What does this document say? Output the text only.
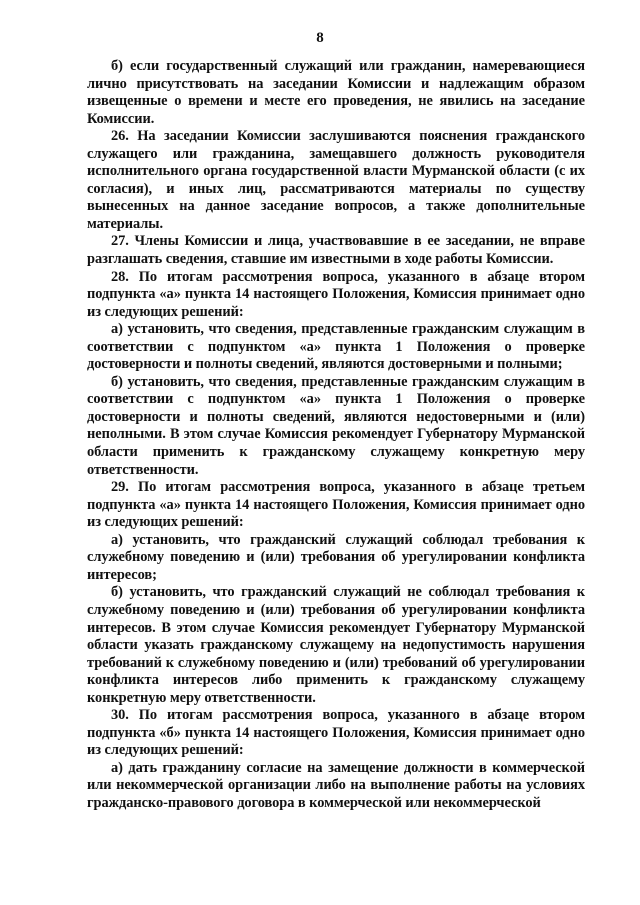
8

б) если государственный служащий или гражданин, намеревающиеся лично присутствовать на заседании Комиссии и надлежащим образом извещенные о времени и месте его проведения, не явились на заседание Комиссии.

26. На заседании Комиссии заслушиваются пояснения гражданского служащего или гражданина, замещавшего должность руководителя исполнительного органа государственной власти Мурманской области (с их согласия), и иных лиц, рассматриваются материалы по существу вынесенных на данное заседание вопросов, а также дополнительные материалы.

27. Члены Комиссии и лица, участвовавшие в ее заседании, не вправе разглашать сведения, ставшие им известными в ходе работы Комиссии.

28. По итогам рассмотрения вопроса, указанного в абзаце втором подпункта «а» пункта 14 настоящего Положения, Комиссия принимает одно из следующих решений:

а) установить, что сведения, представленные гражданским служащим в соответствии с подпунктом «а» пункта 1 Положения о проверке достоверности и полноты сведений, являются достоверными и полными;

б) установить, что сведения, представленные гражданским служащим в соответствии с подпунктом «а» пункта 1 Положения о проверке достоверности и полноты сведений, являются недостоверными и (или) неполными. В этом случае Комиссия рекомендует Губернатору Мурманской области применить к гражданскому служащему конкретную меру ответственности.

29. По итогам рассмотрения вопроса, указанного в абзаце третьем подпункта «а» пункта 14 настоящего Положения, Комиссия принимает одно из следующих решений:

а) установить, что гражданский служащий соблюдал требования к служебному поведению и (или) требования об урегулировании конфликта интересов;

б) установить, что гражданский служащий не соблюдал требования к служебному поведению и (или) требования об урегулировании конфликта интересов. В этом случае Комиссия рекомендует Губернатору Мурманской области указать гражданскому служащему на недопустимость нарушения требований к служебному поведению и (или) требований об урегулировании конфликта интересов либо применить к гражданскому служащему конкретную меру ответственности.

30. По итогам рассмотрения вопроса, указанного в абзаце втором подпункта «б» пункта 14 настоящего Положения, Комиссия принимает одно из следующих решений:

а) дать гражданину согласие на замещение должности в коммерческой или некоммерческой организации либо на выполнение работы на условиях гражданско-правового договора в коммерческой или некоммерческой
